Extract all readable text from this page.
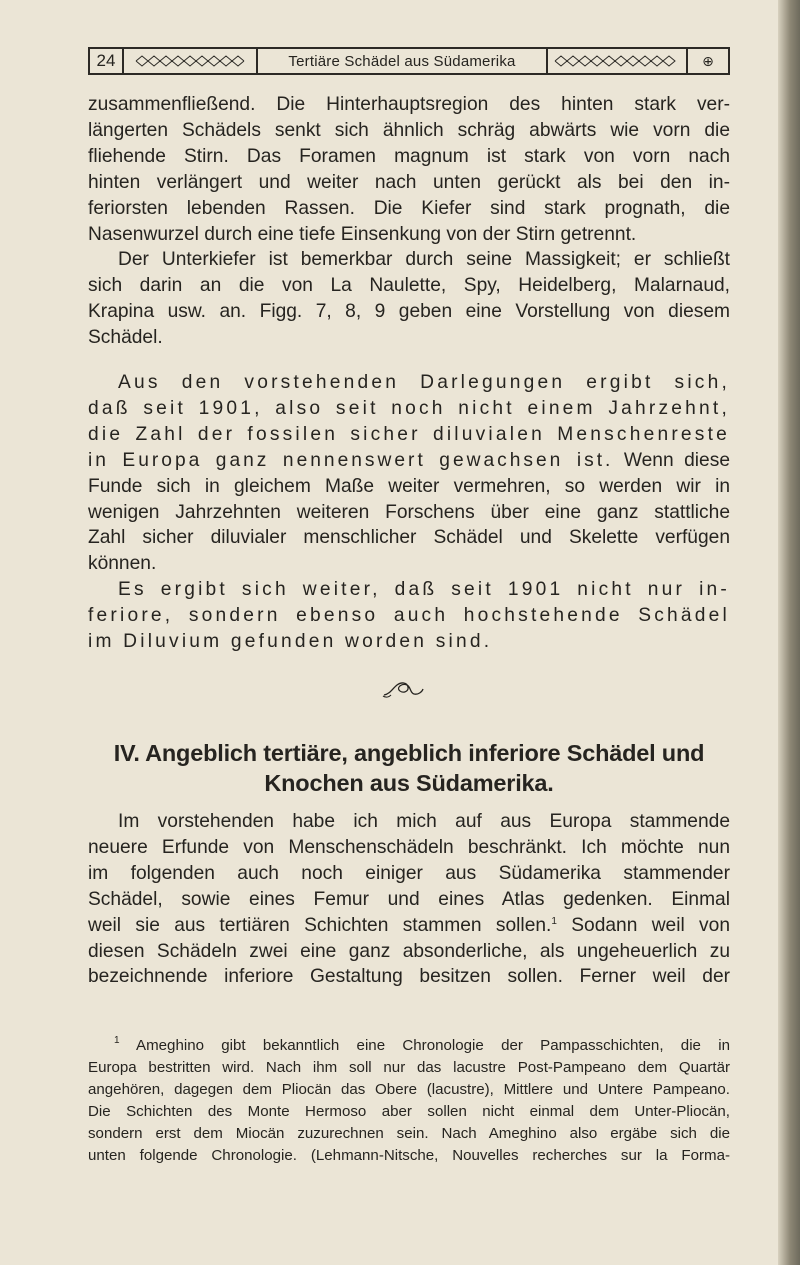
24	Tertiäre Schädel aus Südamerika	⊕
zusammenfließend. Die Hinterhauptsregion des hinten stark ver-
längerten Schädels senkt sich ähnlich schräg abwärts wie vorn die
fliehende Stirn. Das Foramen magnum ist stark von vorn nach
hinten verlängert und weiter nach unten gerückt als bei den in-
feriorsten lebenden Rassen. Die Kiefer sind stark prognath, die
Nasenwurzel durch eine tiefe Einsenkung von der Stirn getrennt.
Der Unterkiefer ist bemerkbar durch seine Massigkeit; er schließt
sich darin an die von La Naulette, Spy, Heidelberg, Malarnaud,
Krapina usw. an. Figg. 7, 8, 9 geben eine Vorstellung von diesem
Schädel.
Aus den vorstehenden Darlegungen ergibt sich,
daß seit 1901, also seit noch nicht einem Jahrzehnt,
die Zahl der fossilen sicher diluvialen Menschenreste
in Europa ganz nennenswert gewachsen ist. Wenn diese
Funde sich in gleichem Maße weiter vermehren, so werden wir in
wenigen Jahrzehnten weiteren Forschens über eine ganz stattliche
Zahl sicher diluvialer menschlicher Schädel und Skelette verfügen
können.
Es ergibt sich weiter, daß seit 1901 nicht nur in-
feriore, sondern ebenso auch hochstehende Schädel
im Diluvium gefunden worden sind.
IV. Angeblich tertiäre, angeblich inferiore Schädel und
Knochen aus Südamerika.
Im vorstehenden habe ich mich auf aus Europa stammende
neuere Erfunde von Menschenschädeln beschränkt. Ich möchte nun
im folgenden auch noch einiger aus Südamerika stammender
Schädel, sowie eines Femur und eines Atlas gedenken. Einmal
weil sie aus tertiären Schichten stammen sollen.$^1$ Sodann weil von
diesen Schädeln zwei eine ganz absonderliche, als ungeheuerlich zu
bezeichnende inferiore Gestaltung besitzen sollen. Ferner weil der
$^1$ Ameghino gibt bekanntlich eine Chronologie der Pampasschichten, die in
Europa bestritten wird. Nach ihm soll nur das lacustre Post-Pampeano dem Quartär
angehören, dagegen dem Pliocän das Obere (lacustre), Mittlere und Untere Pampeano.
Die Schichten des Monte Hermoso aber sollen nicht einmal dem Unter-Pliocän,
sondern erst dem Miocän zuzurechnen sein. Nach Ameghino also ergäbe sich die
unten folgende Chronologie. (Lehmann-Nitsche, Nouvelles recherches sur la Forma-
